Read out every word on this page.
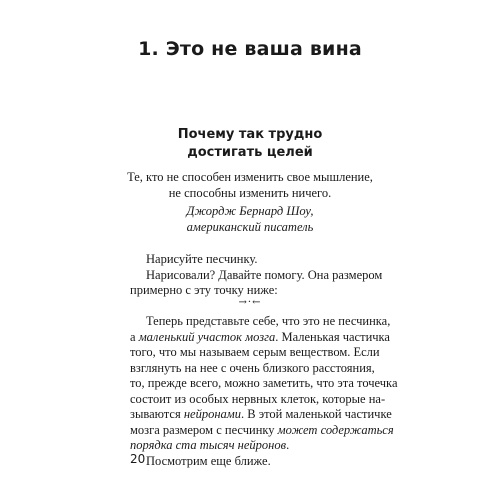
1. Это не ваша вина
Почему так трудно
достигать целей
Те, кто не способен изменить свое мышление,
не способны изменить ничего.
Джордж Бернард Шоу,
американский писатель
Нарисуйте песчинку.
Нарисовали? Давайте помогу. Она размером
примерно с эту точку ниже:
→·←
Теперь представьте себе, что это не песчинка,
а маленький участок мозга. Маленькая частичка
того, что мы называем серым веществом. Если
взглянуть на нее с очень близкого расстояния,
то, прежде всего, можно заметить, что эта точечка
состоит из особых нервных клеток, которые на-
зываются нейронами. В этой маленькой частичке
мозга размером с песчинку может содержаться
порядка ста тысяч нейронов.
Посмотрим еще ближе.
20
